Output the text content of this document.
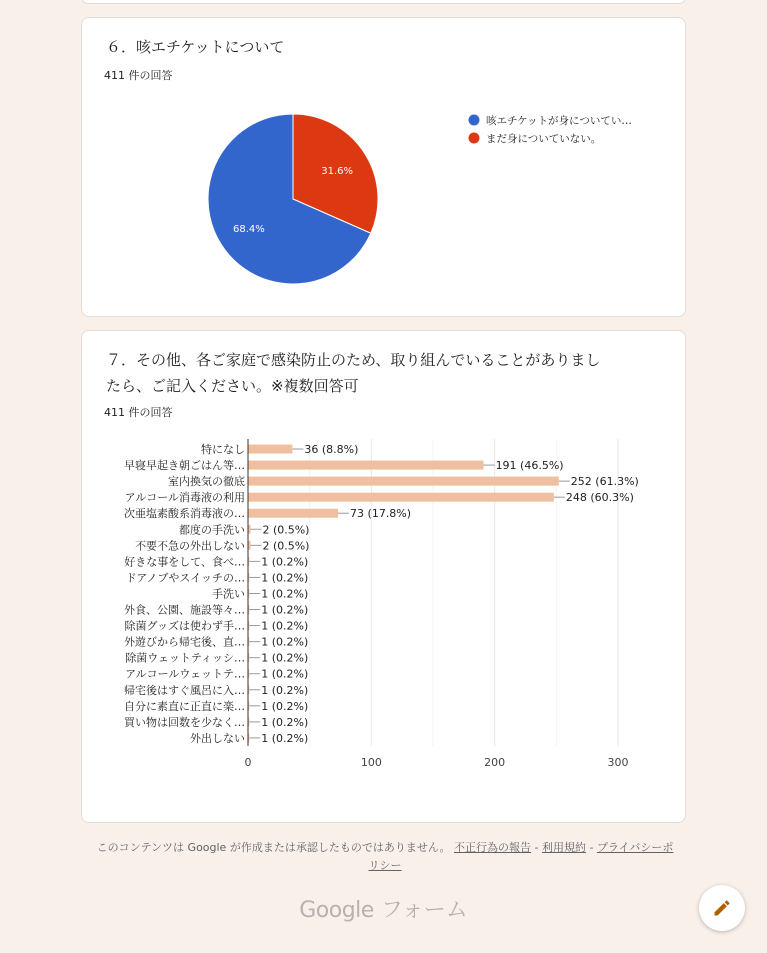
６．咳エチケットについて
411 件の回答
31.6%
68.4%
咳エチケットが身についてい…
まだ身についていない。
７．その他、各ご家庭で感染防止のため、取り組んでいることがありまし
たら、ご記入ください。※複数回答可
411 件の回答
特になし	36 (8.8%)
早寝早起き朝ごはん等…	191 (46.5%)
室内換気の徹底	252 (61.3%)
アルコール消毒液の利用	248 (60.3%)
次亜塩素酸系消毒液の…	73 (17.8%)
都度の手洗い 2 (0.5%)
不要不急の外出しない 2 (0.5%)
好きな事をして、食べ… 1 (0.2%)
ドアノブやスイッチの… 1 (0.2%)
手洗い 1 (0.2%)
外食、公園、施設等々… 1 (0.2%)
除菌グッズは使わず手… 1 (0.2%)
外遊びから帰宅後、直… 1 (0.2%)
除菌ウェットティッシ… 1 (0.2%)
アルコールウェットテ… 1 (0.2%)
帰宅後はすぐ風呂に入… 1 (0.2%)
自分に素直に正直に楽… 1 (0.2%)
買い物は回数を少なく… 1 (0.2%)
外出しない 1 (0.2%)
0	100	200	300
このコンテンツは Google が作成または承認したものではありません。 不正行為の報告 - 利用規約 - プライバシーポリシー
Google フォーム
